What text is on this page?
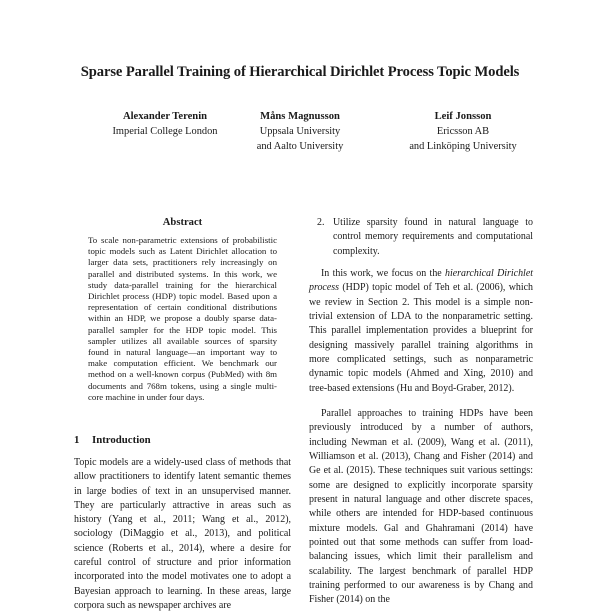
Sparse Parallel Training of Hierarchical Dirichlet Process Topic Models
Alexander Terenin
Imperial College London
Måns Magnusson
Uppsala University
and Aalto University
Leif Jonsson
Ericsson AB
and Linköping University
Abstract

To scale non-parametric extensions of probabilistic topic models such as Latent Dirichlet allocation to larger data sets, practitioners rely increasingly on parallel and distributed systems. In this work, we study data-parallel training for the hierarchical Dirichlet process (HDP) topic model. Based upon a representation of certain conditional distributions within an HDP, we propose a doubly sparse data-parallel sampler for the HDP topic model. This sampler utilizes all available sources of sparsity found in natural language—an important way to make computation efficient. We benchmark our method on a well-known corpus (PubMed) with 8m documents and 768m tokens, using a single multi-core machine in under four days.

1 Introduction

Topic models are a widely-used class of methods that allow practitioners to identify latent semantic themes in large bodies of text in an unsupervised manner. They are particularly attractive in areas such as history (Yang et al., 2011; Wang et al., 2012), sociology (DiMaggio et al., 2013), and political science (Roberts et al., 2014), where a desire for careful control of structure and prior information incorporated into the model motivates one to adopt a Bayesian approach to learning. In these areas, large corpora such as newspaper archives are

2. Utilize sparsity found in natural language to control memory requirements and computational complexity.

In this work, we focus on the hierarchical Dirichlet process (HDP) topic model of Teh et al. (2006), which we review in Section 2. This model is a simple non-trivial extension of LDA to the nonparametric setting. This parallel implementation provides a blueprint for designing massively parallel training algorithms in more complicated settings, such as nonparametric dynamic topic models (Ahmed and Xing, 2010) and tree-based extensions (Hu and Boyd-Graber, 2012).

Parallel approaches to training HDPs have been previously introduced by a number of authors, including Newman et al. (2009), Wang et al. (2011), Williamson et al. (2013), Chang and Fisher (2014) and Ge et al. (2015). These techniques suit various settings: some are designed to explicitly incorporate sparsity present in natural language and other discrete spaces, while others are intended for HDP-based continuous mixture models. Gal and Ghahramani (2014) have pointed out that some methods can suffer from load-balancing issues, which limit their parallelism and scalability. The largest benchmark of parallel HDP training performed to our awareness is by Chang and Fisher (2014) on the
